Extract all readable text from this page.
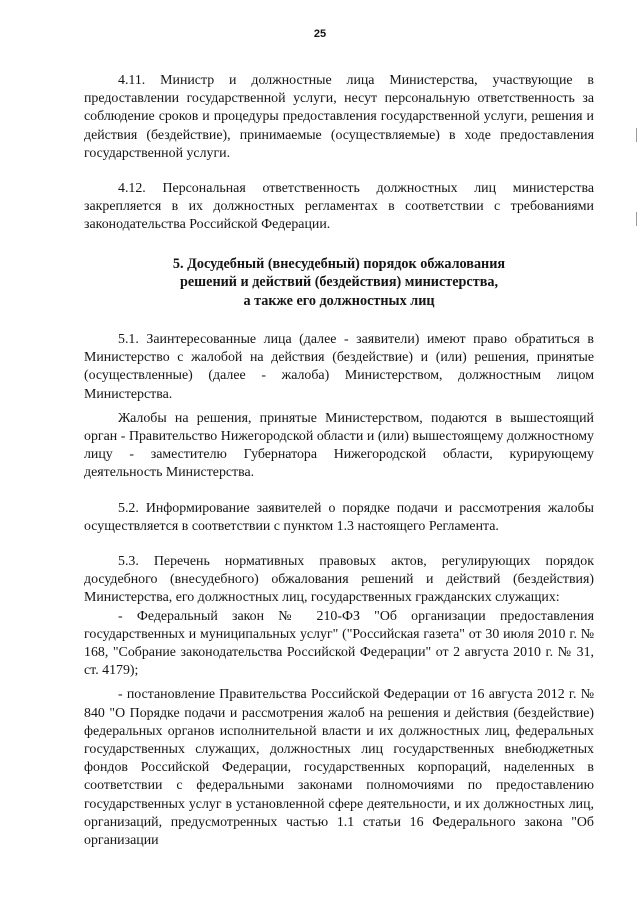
25

4.11. Министр и должностные лица Министерства, участвующие в предоставлении государственной услуги, несут персональную ответственность за соблюдение сроков и процедуры предоставления государственной услуги, решения и действия (бездействие), принимаемые (осуществляемые) в ходе предоставления государственной услуги.

4.12. Персональная ответственность должностных лиц министерства закрепляется в их должностных регламентах в соответствии с требованиями законодательства Российской Федерации.

5. Досудебный (внесудебный) порядок обжалования
решений и действий (бездействия) министерства,
а также его должностных лиц

5.1. Заинтересованные лица (далее - заявители) имеют право обратиться в Министерство с жалобой на действия (бездействие) и (или) решения, принятые (осуществленные) (далее - жалоба) Министерством, должностным лицом Министерства.

Жалобы на решения, принятые Министерством, подаются в вышестоящий орган - Правительство Нижегородской области и (или) вышестоящему должностному лицу - заместителю Губернатора Нижегородской области, курирующему деятельность Министерства.

5.2. Информирование заявителей о порядке подачи и рассмотрения жалобы осуществляется в соответствии с пунктом 1.3 настоящего Регламента.

5.3. Перечень нормативных правовых актов, регулирующих порядок досудебного (внесудебного) обжалования решений и действий (бездействия) Министерства, его должностных лиц, государственных гражданских служащих:

- Федеральный закон № 210-ФЗ "Об организации предоставления государственных и муниципальных услуг" ("Российская газета" от 30 июля 2010 г. № 168, "Собрание законодательства Российской Федерации" от 2 августа 2010 г. № 31, ст. 4179);

- постановление Правительства Российской Федерации от 16 августа 2012 г. № 840 "О Порядке подачи и рассмотрения жалоб на решения и действия (бездействие) федеральных органов исполнительной власти и их должностных лиц, федеральных государственных служащих, должностных лиц государственных внебюджетных фондов Российской Федерации, государственных корпораций, наделенных в соответствии с федеральными законами полномочиями по предоставлению государственных услуг в установленной сфере деятельности, и их должностных лиц, организаций, предусмотренных частью 1.1 статьи 16 Федерального закона "Об организации
